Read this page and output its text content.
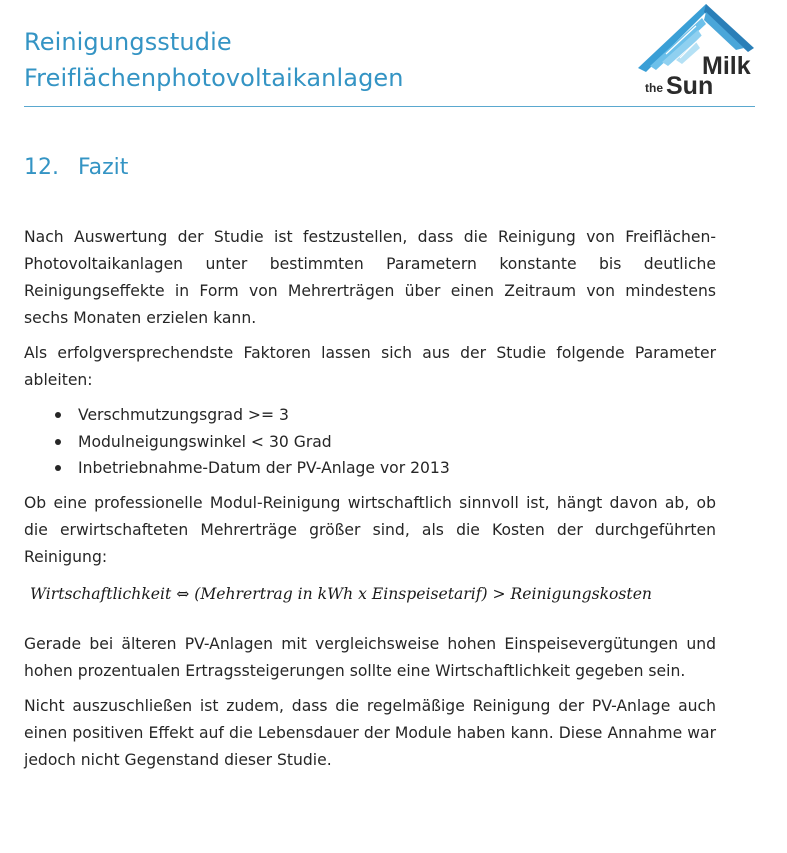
Reinigungsstudie
Freiflächenphotovoltaikanlagen	Milk
the Sun
12. Fazit

Nach Auswertung der Studie ist festzustellen, dass die Reinigung von Freiflächen-Photovoltaikanlagen unter bestimmten Parametern konstante bis deutliche Reinigungseffekte in Form von Mehrerträgen über einen Zeitraum von mindestens sechs Monaten erzielen kann.

Als erfolgversprechendste Faktoren lassen sich aus der Studie folgende Parameter ableiten:

Verschmutzungsgrad >= 3
Modulneigungswinkel < 30 Grad
Inbetriebnahme-Datum der PV-Anlage vor 2013

Ob eine professionelle Modul-Reinigung wirtschaftlich sinnvoll ist, hängt davon ab, ob die erwirtschafteten Mehrerträge größer sind, als die Kosten der durchgeführten Reinigung:

Wirtschaftlichkeit ⇔ (Mehrertrag in kWh x Einspeisetarif) > Reinigungskosten

Gerade bei älteren PV-Anlagen mit vergleichsweise hohen Einspeisevergütungen und hohen prozentualen Ertragssteigerungen sollte eine Wirtschaftlichkeit gegeben sein.

Nicht auszuschließen ist zudem, dass die regelmäßige Reinigung der PV-Anlage auch einen positiven Effekt auf die Lebensdauer der Module haben kann. Diese Annahme war jedoch nicht Gegenstand dieser Studie.
